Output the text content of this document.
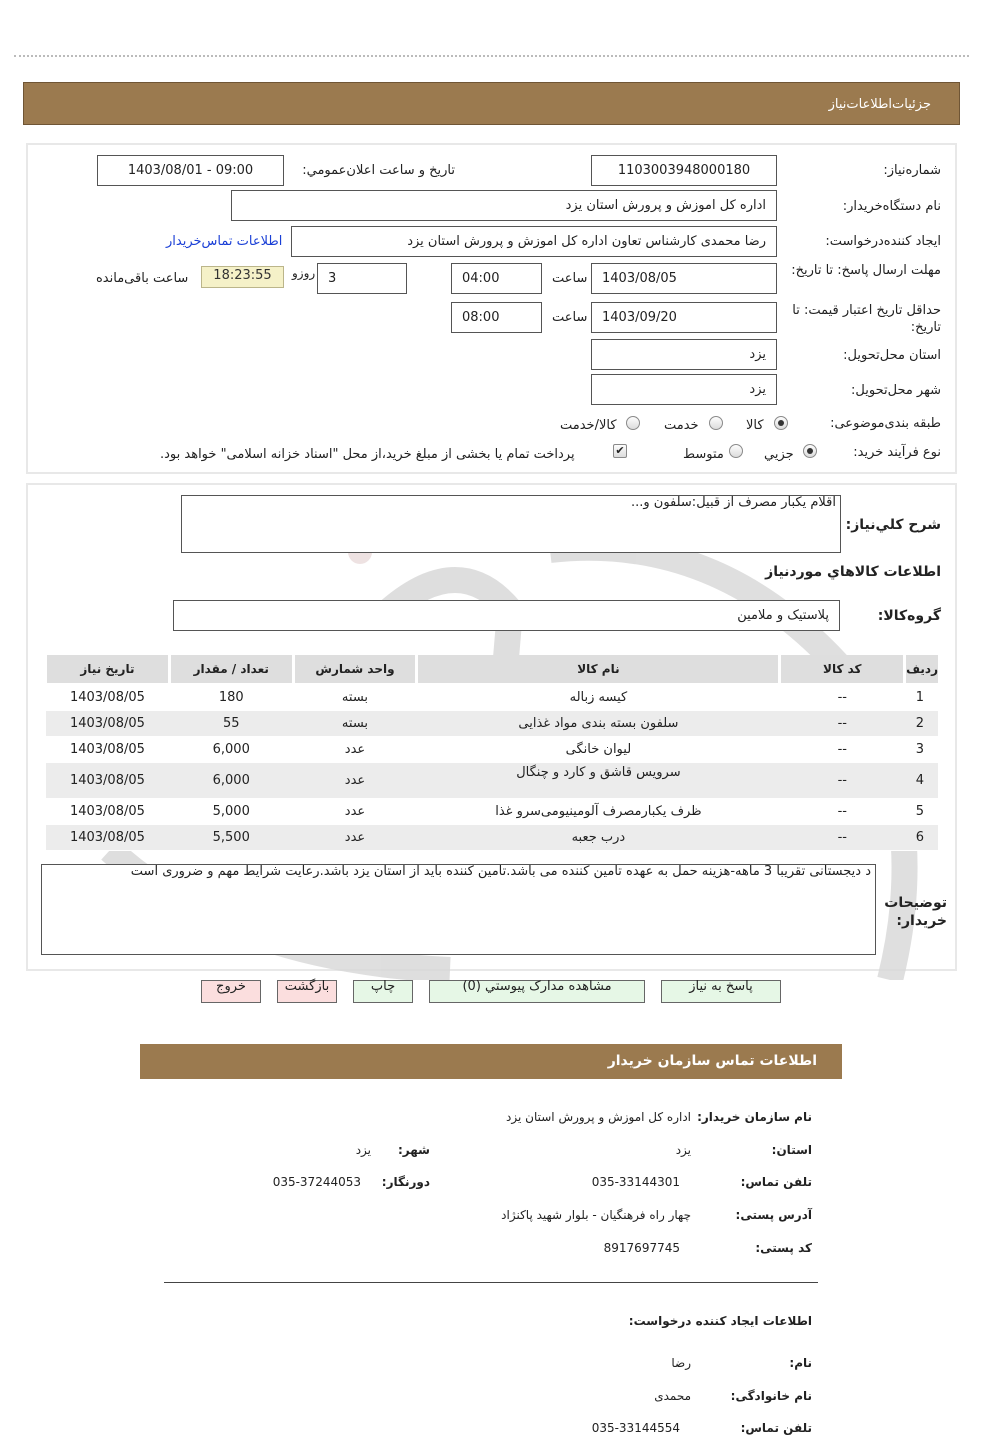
جزئیات‌اطلاعات‌نیاز
شماره‌نیاز:
1103003948000180
تاریخ و ساعت اعلان‌عمومي:
1403/08/01 - 09:00
نام دستگاه‌خریدار:
اداره کل اموزش و پرورش استان یزد
ایجاد کننده‌درخواست:
رضا محمدی کارشناس تعاون اداره کل اموزش و پرورش استان یزد
اطلاعات تماس‌خریدار
مهلت ارسال پاسخ: تا تاریخ:
1403/08/05
ساعت
04:00
3
روزو
18:23:55
ساعت باقی‌مانده
حداقل تاریخ اعتبار قیمت: تا تاریخ:
1403/09/20
ساعت
08:00
استان محل‌تحویل:
یزد
شهر محل‌تحویل:
یزد
طبقه بندی‌موضوعی:
کالا
خدمت
کالا/خدمت
نوع فرآیند خرید:
جزیي
متوسط
✔
پرداخت تمام یا بخشی از مبلغ خرید،از محل "اسناد خزانه اسلامی" خواهد بود.
اقلام یکبار مصرف از قبیل:سلفون و...
شرح کلي‌نیاز:
اطلاعات کالاهاي موردنیاز
گروه‌کالا:
پلاستیک و ملامین
ردیف	کد کالا	نام کالا	واحد شمارش	تعداد / مقدار	تاریخ نیاز
1	--	کیسه زباله	بسته	180	1403/08/05
2	--	سلفون بسته بندی مواد غذایی	بسته	55	1403/08/05
3	--	لیوان خانگی	عدد	6,000	1403/08/05
4	--	سرویس قاشق و کارد و چنگال	عدد	6,000	1403/08/05
5	--	ظرف یکبارمصرف آلومینیومی‌سرو غذا	عدد	5,000	1403/08/05
6	--	درب جعبه	عدد	5,500	1403/08/05
د دیجستانی تقریبا 3 ماهه-هزینه حمل به عهده تامین کننده می باشد.تامین کننده باید از استان یزد باشد.رعایت شرایط مهم و ضروری است
توضیحات خریدار:
پاسخ به نیاز
مشاهده مدارک پیوستي (0)
چاپ
بازگشت
خروج
اطلاعات تماس سازمان خریدار
نام سازمان خریدار:
اداره کل اموزش و پرورش استان یزد
استان:
یزد
شهر:
یزد
تلفن تماس:
035-33144301
دورنگار:
035-37244053
آدرس پستی:
چهار راه فرهنگیان - بلوار شهید پاکنژاد
کد پستی:
8917697745
اطلاعات ایجاد کننده درخواست:
نام:
رضا
نام خانوادگی:
محمدی
تلفن تماس:
035-33144554
